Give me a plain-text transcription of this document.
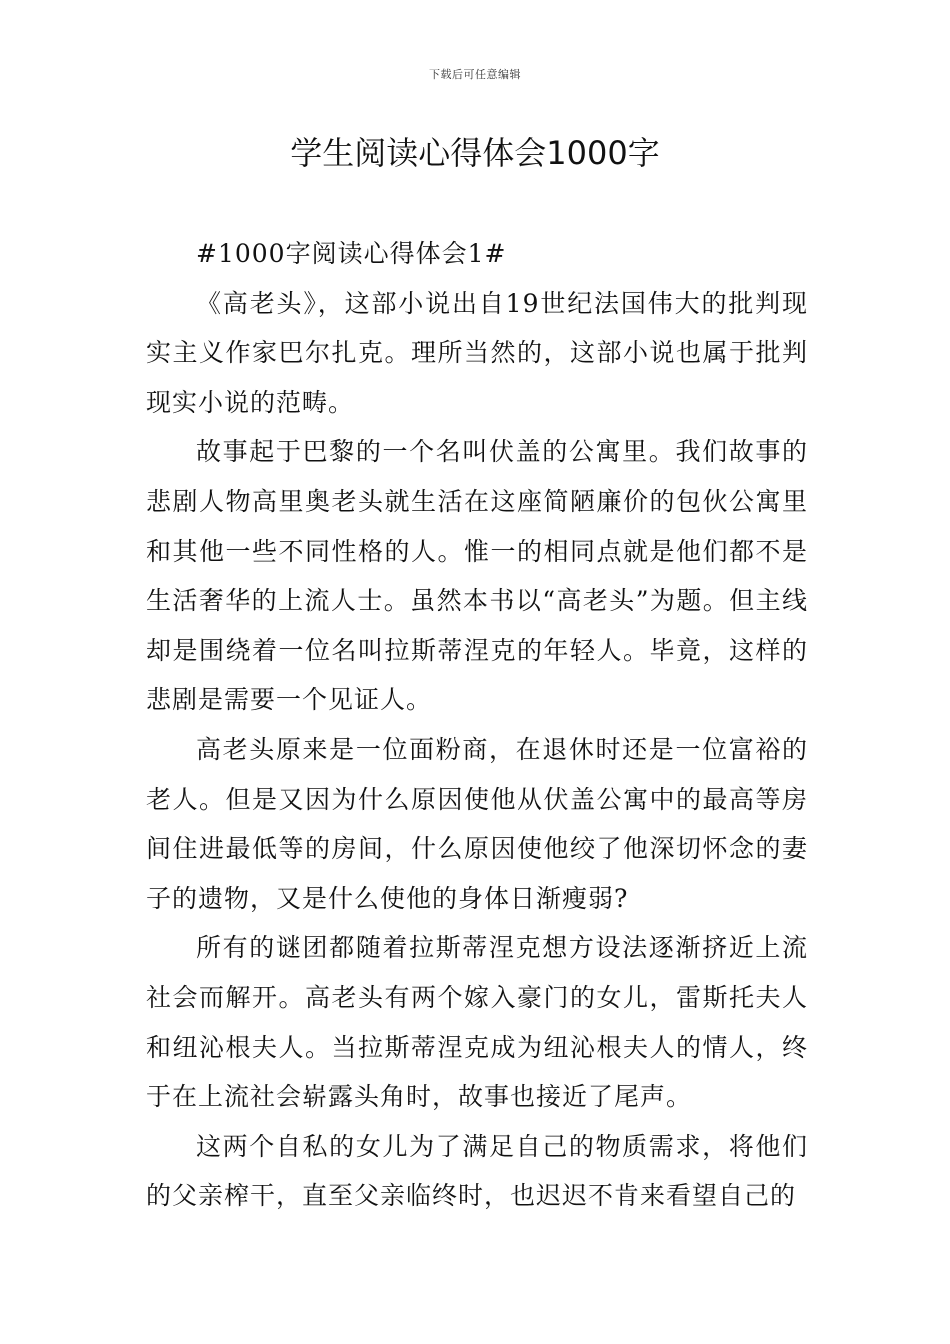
下载后可任意编辑
学生阅读心得体会1000字

#1000字阅读心得体会1#

《高老头》，这部小说出自19世纪法国伟大的批判现实主义作家巴尔扎克。理所当然的，这部小说也属于批判现实小说的范畴。

故事起于巴黎的一个名叫伏盖的公寓里。我们故事的悲剧人物高里奥老头就生活在这座简陋廉价的包伙公寓里和其他一些不同性格的人。惟一的相同点就是他们都不是生活奢华的上流人士。虽然本书以“高老头”为题。但主线却是围绕着一位名叫拉斯蒂涅克的年轻人。毕竟，这样的悲剧是需要一个见证人。

高老头原来是一位面粉商，在退休时还是一位富裕的老人。但是又因为什么原因使他从伏盖公寓中的最高等房间住进最低等的房间，什么原因使他绞了他深切怀念的妻子的遗物，又是什么使他的身体日渐瘦弱?

所有的谜团都随着拉斯蒂涅克想方设法逐渐挤近上流社会而解开。高老头有两个嫁入豪门的女儿，雷斯托夫人和纽沁根夫人。当拉斯蒂涅克成为纽沁根夫人的情人，终于在上流社会崭露头角时，故事也接近了尾声。

这两个自私的女儿为了满足自己的物质需求，将他们的父亲榨干，直至父亲临终时，也迟迟不肯来看望自己的
